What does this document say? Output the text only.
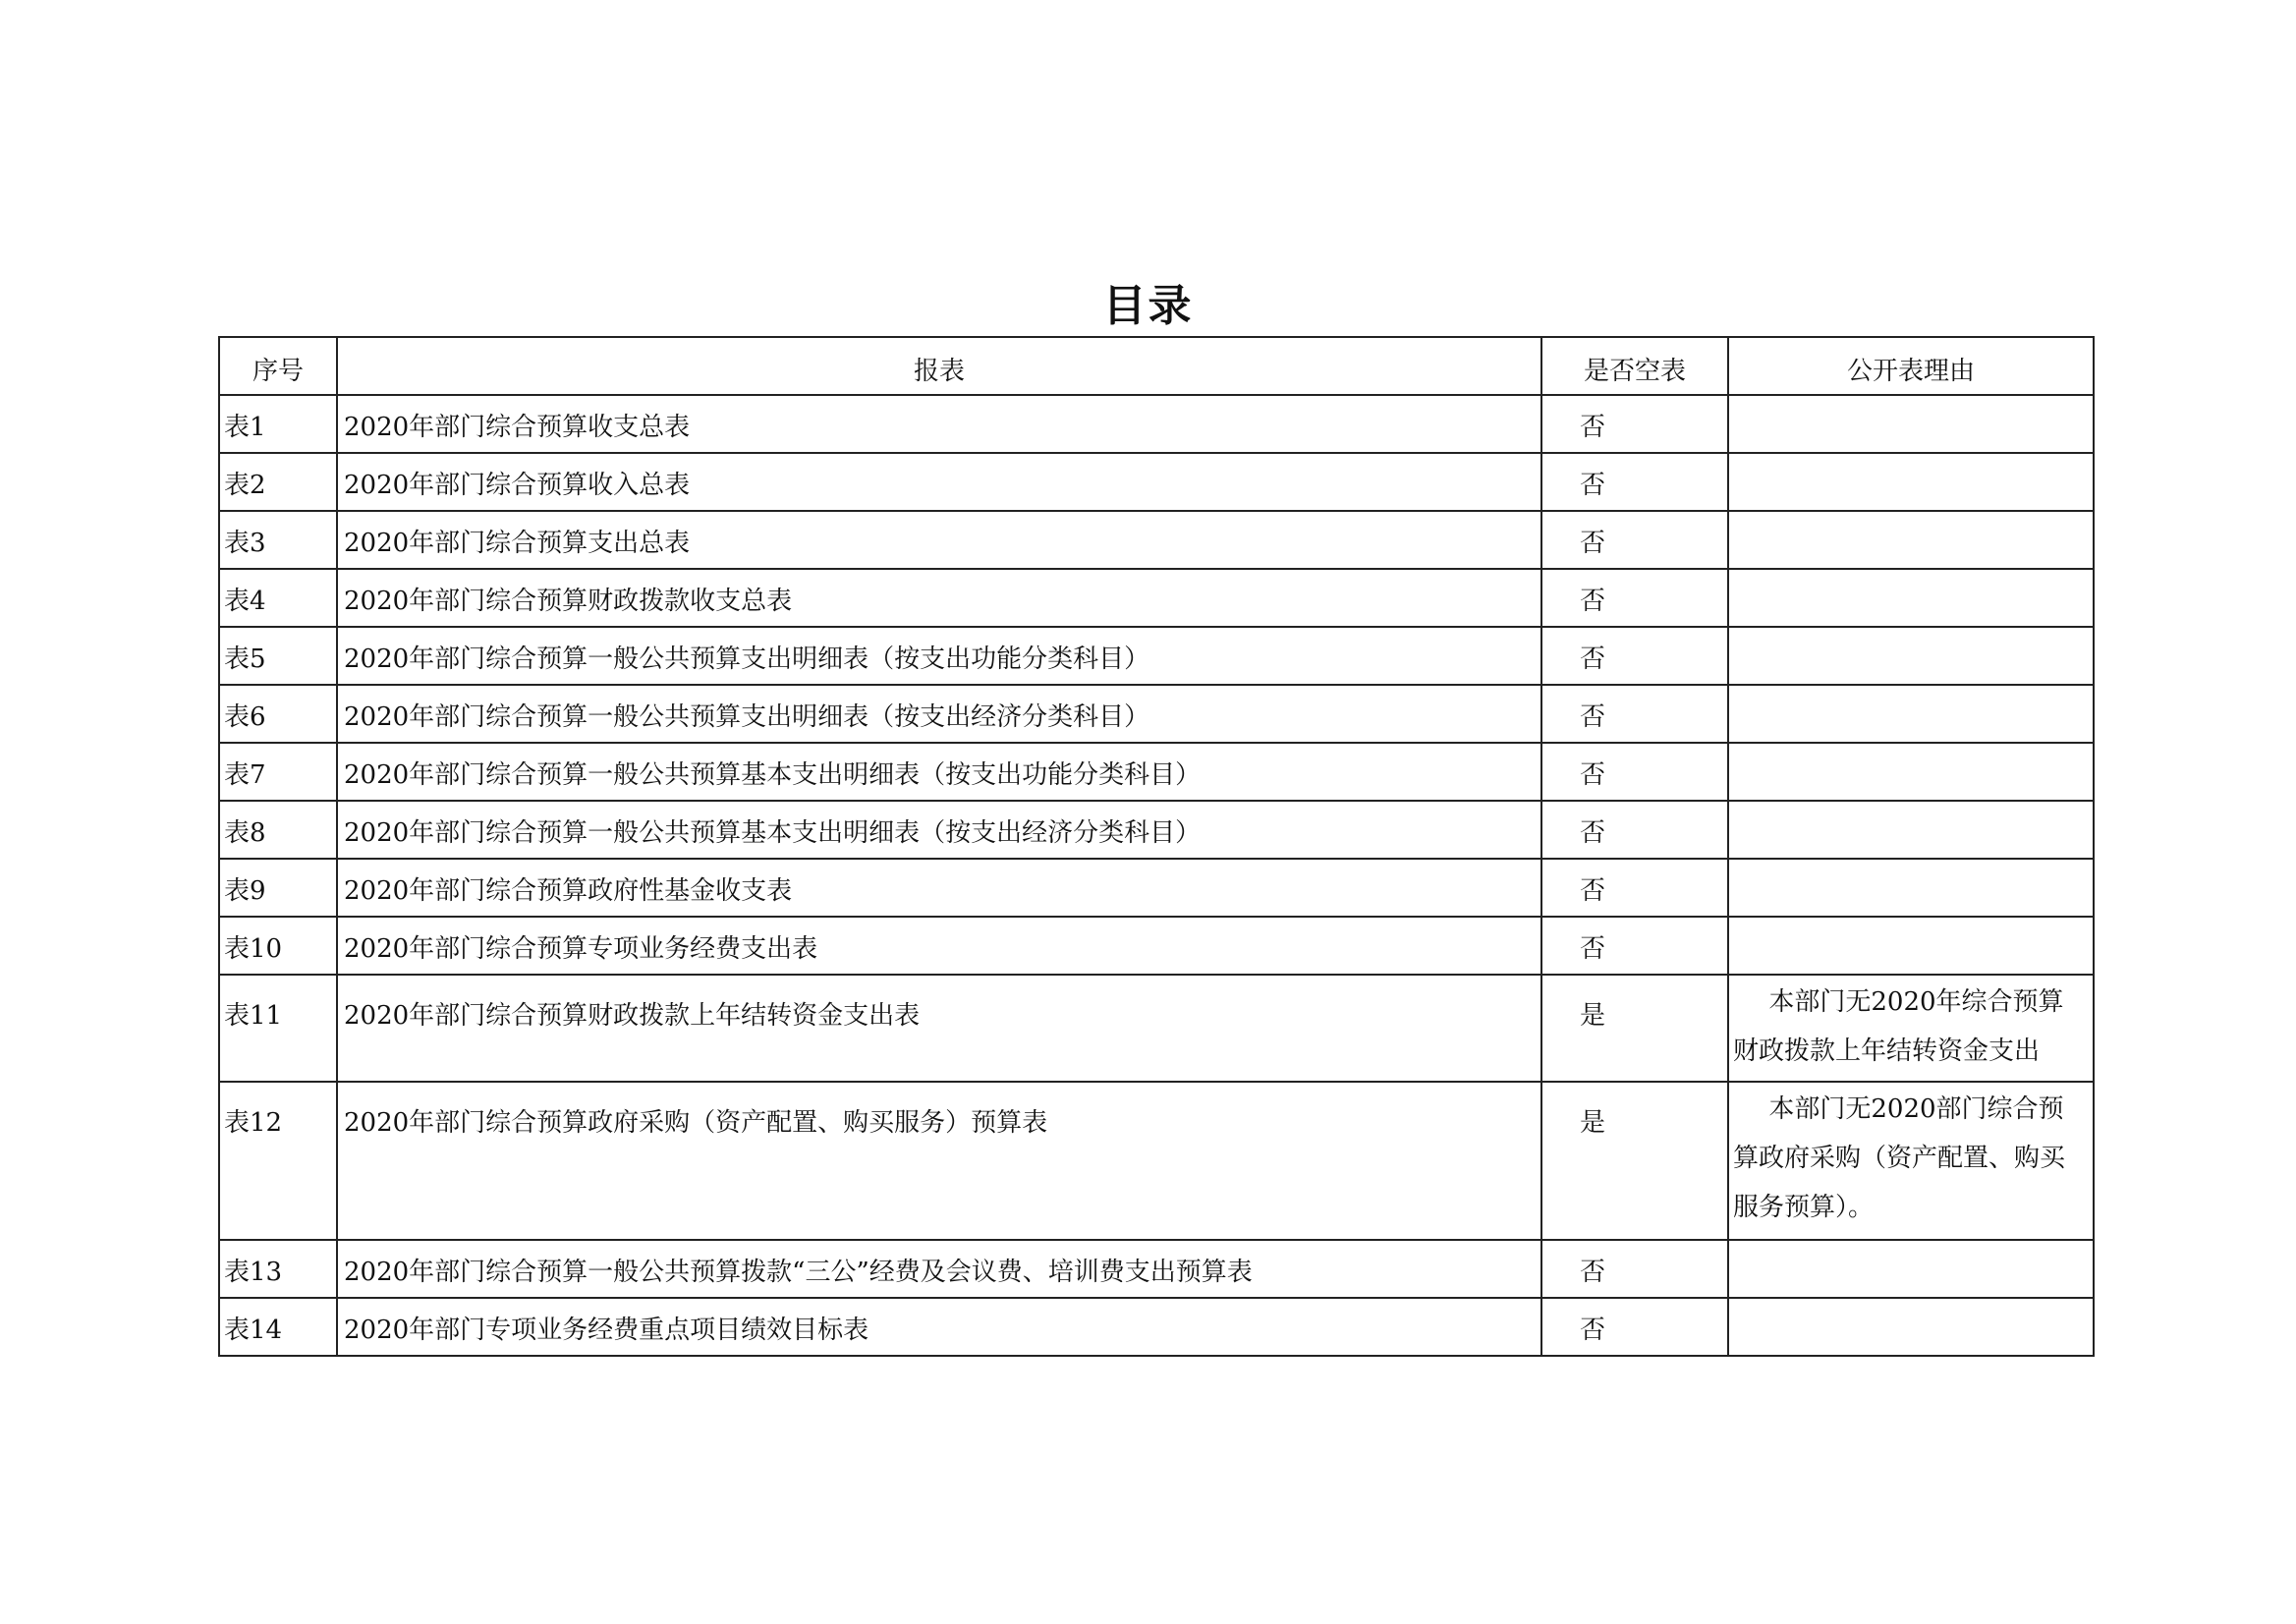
目录
序号	报表	是否空表	公开表理由
表1	2020年部门综合预算收支总表	否	
表2	2020年部门综合预算收入总表	否	
表3	2020年部门综合预算支出总表	否	
表4	2020年部门综合预算财政拨款收支总表	否	
表5	2020年部门综合预算一般公共预算支出明细表（按支出功能分类科目）	否	
表6	2020年部门综合预算一般公共预算支出明细表（按支出经济分类科目）	否	
表7	2020年部门综合预算一般公共预算基本支出明细表（按支出功能分类科目）	否	
表8	2020年部门综合预算一般公共预算基本支出明细表（按支出经济分类科目）	否	
表9	2020年部门综合预算政府性基金收支表	否	
表10	2020年部门综合预算专项业务经费支出表	否	
表11	2020年部门综合预算财政拨款上年结转资金支出表	是	本部门无2020年综合预算财政拨款上年结转资金支出

表12	2020年部门综合预算政府采购（资产配置、购买服务）预算表	是	本部门无2020部门综合预算政府采购（资产配置、购买服务预算）。

表13	2020年部门综合预算一般公共预算拨款“三公”经费及会议费、培训费支出预算表	否	
表14	2020年部门专项业务经费重点项目绩效目标表	否	
